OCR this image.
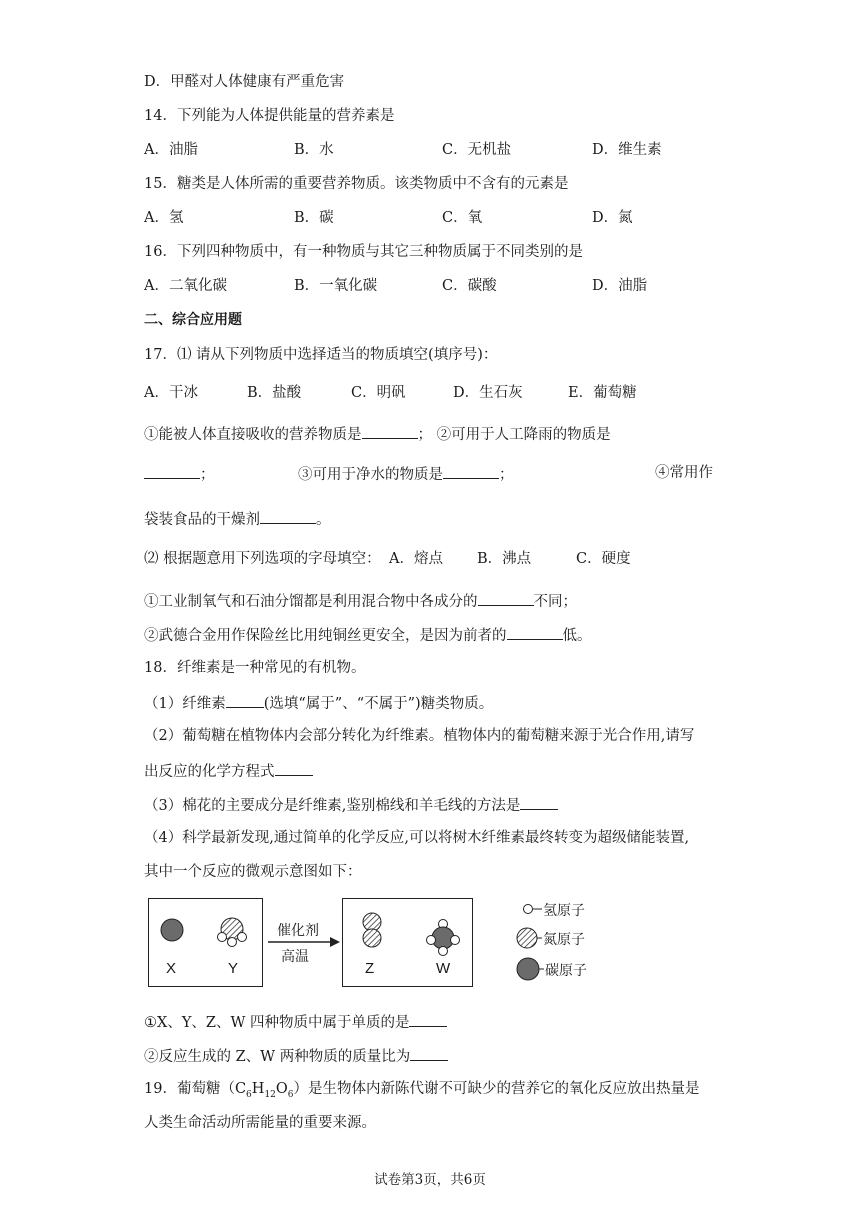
D．甲醛对人体健康有严重危害
14．下列能为人体提供能量的营养素是
A．油脂	B．水	C．无机盐	D．维生素
15．糖类是人体所需的重要营养物质。该类物质中不含有的元素是
A．氢	B．碳	C．氧	D．氮
16．下列四种物质中，有一种物质与其它三种物质属于不同类别的是
A．二氧化碳	B．一氧化碳	C．碳酸	D．油脂
二、综合应用题
17．⑴ 请从下列物质中选择适当的物质填空(填序号)：
A．干冰	B．盐酸	C．明矾	D．生石灰	E．葡萄糖
①能被人体直接吸收的营养物质是	； ②可用于人工降雨的物质是
；	③可用于净水的物质是	；	④常用作
袋装食品的干燥剂	。
⑵ 根据题意用下列选项的字母填空： A．熔点 B．沸点	C．硬度
①工业制氧气和石油分馏都是利用混合物中各成分的	不同；
②武德合金用作保险丝比用纯铜丝更安全，是因为前者的	低。
18．纤维素是一种常见的有机物。
（1）纤维素	(选填“属于”、“不属于”)糖类物质。
（2）葡萄糖在植物体内会部分转化为纤维素。植物体内的葡萄糖来源于光合作用,请写
出反应的化学方程式
（3）棉花的主要成分是纤维素,鉴别棉线和羊毛线的方法是
（4）科学最新发现,通过简单的化学反应,可以将树木纤维素最终转变为超级储能装置,
其中一个反应的微观示意图如下：
X	Y	Z	W
催化剂
高温
氢原子
氮原子
碳原子
①X、Y、Z、W 四种物质中属于单质的是
②反应生成的 Z、W 两种物质的质量比为
19．葡萄糖$(C_6H_{12}O_6)$是生物体内新陈代谢不可缺少的营养它的氧化反应放出热量是
人类生命活动所需能量的重要来源。
试卷第3页，共6页
